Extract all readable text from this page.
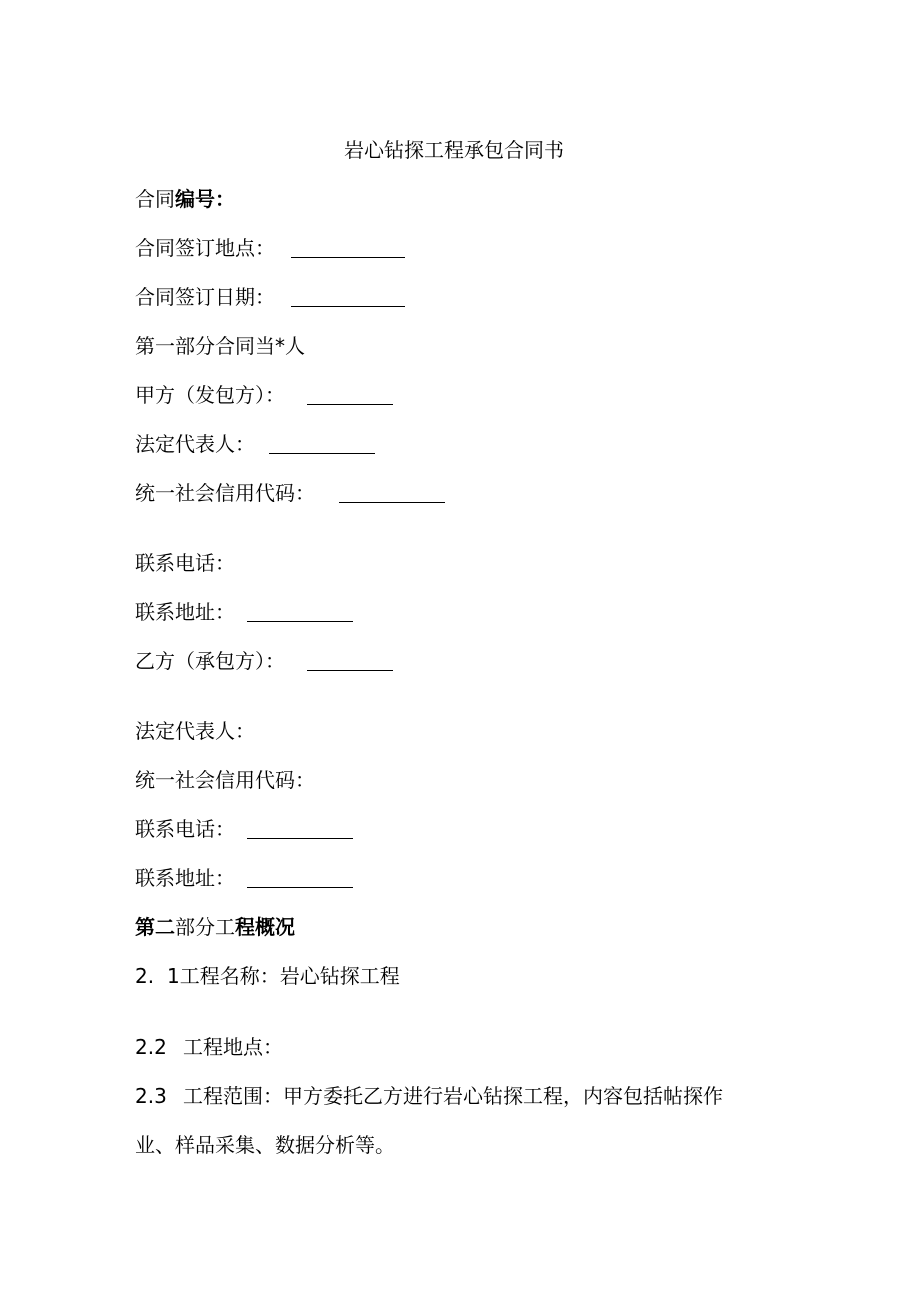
岩心钻探工程承包合同书
合同编号：
合同签订地点：
合同签订日期：
第一部分合同当*人
甲方（发包方）：
法定代表人：
统一社会信用代码：
联系电话：
联系地址：
乙方（承包方）：
法定代表人：
统一社会信用代码：
联系电话：
联系地址：
第二部分工程概况
2. 1工程名称：岩心钻探工程
2.2 工程地点：
2.3 工程范围：甲方委托乙方进行岩心钻探工程，内容包括帖探作
业、样品采集、数据分析等。
